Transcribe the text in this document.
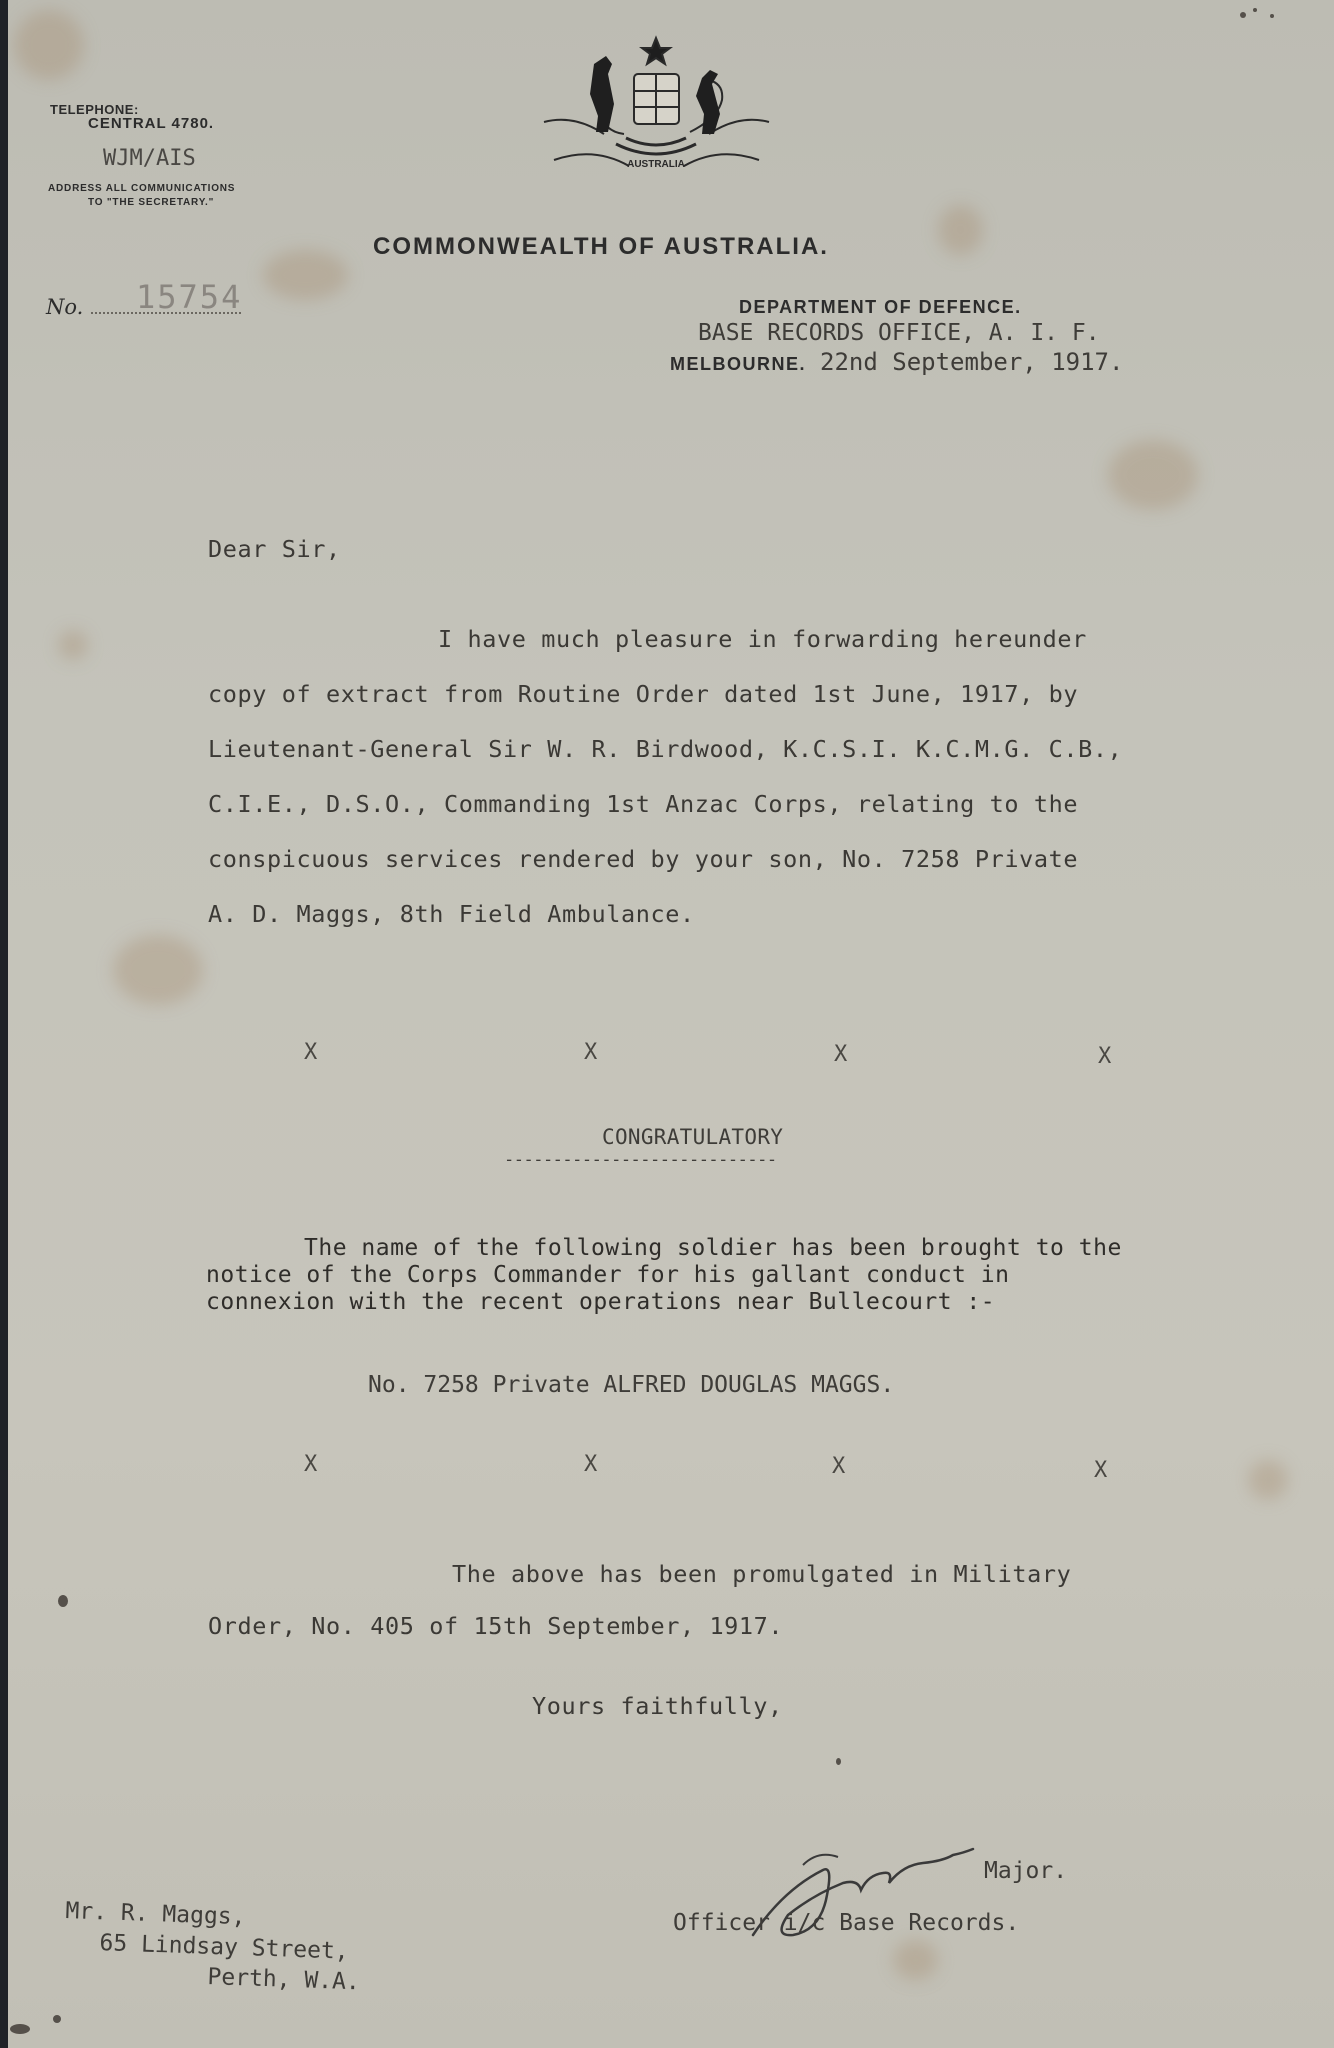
TELEPHONE:
CENTRAL 4780.
WJM/AIS
ADDRESS ALL COMMUNICATIONS
TO "THE SECRETARY."
No.	15754
AUSTRALIA
COMMONWEALTH OF AUSTRALIA.
DEPARTMENT OF DEFENCE.
BASE RECORDS OFFICE, A. I. F.
MELBOURNE. 22nd September, 1917.
Dear Sir,
I have much pleasure in forwarding hereunder
copy of extract from Routine Order dated 1st June, 1917, by
Lieutenant-General Sir W. R. Birdwood, K.C.S.I. K.C.M.G. C.B.,
C.I.E., D.S.O., Commanding 1st Anzac Corps, relating to the
conspicuous services rendered by your son, No. 7258 Private
A. D. Maggs, 8th Field Ambulance.
X	X	X	X
CONGRATULATORY
----------------------------
The name of the following soldier has been brought to the
notice of the Corps Commander for his gallant conduct in
connexion with the recent operations near Bullecourt :-
No. 7258 Private ALFRED DOUGLAS MAGGS.
X	X	X	X
The above has been promulgated in Military
Order, No. 405 of 15th September, 1917.
Yours faithfully,
Major.
Officer i/c Base Records.
Mr. R. Maggs,
65 Lindsay Street,
Perth, W.A.
